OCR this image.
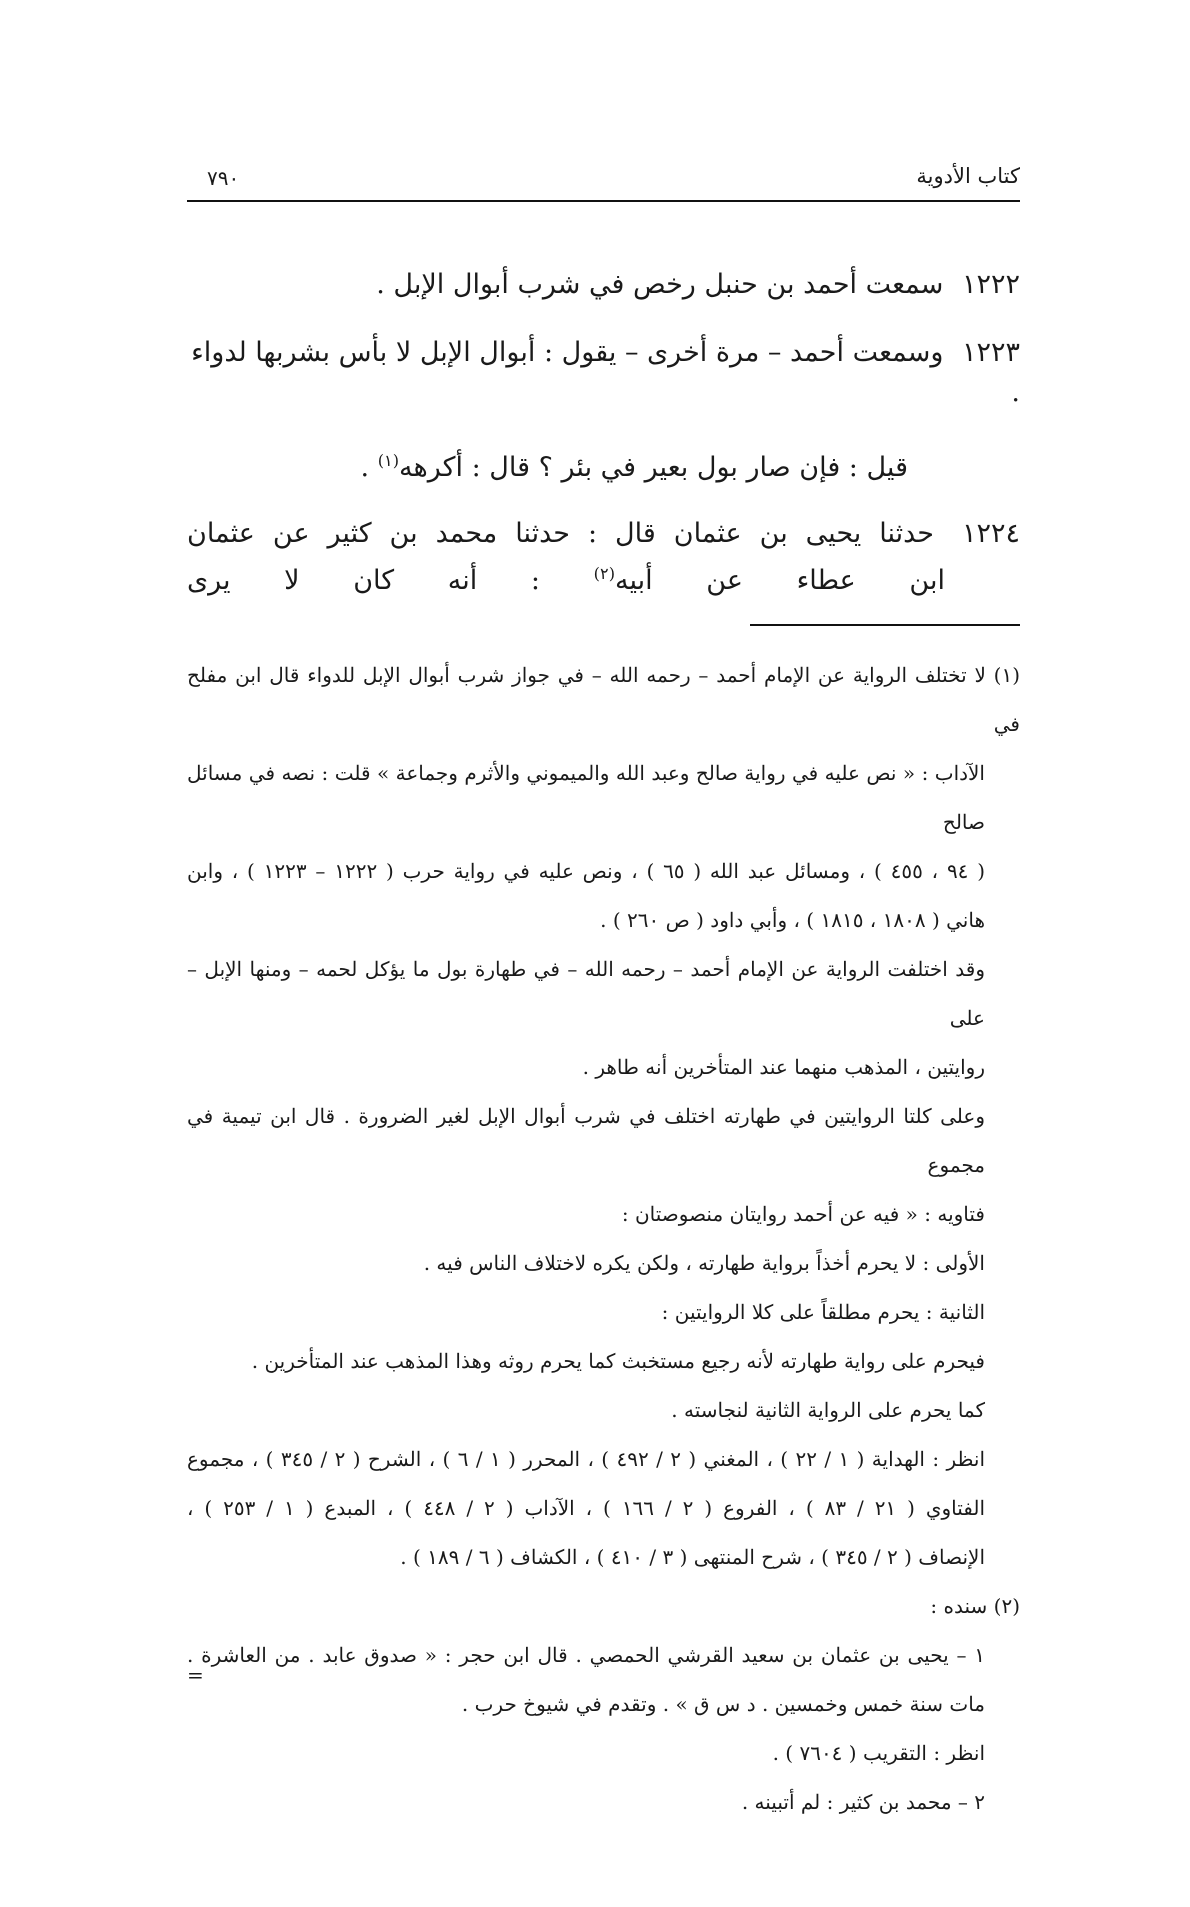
كتاب الأدوية
٧٩٠
١٢٢٢ سمعت أحمد بن حنبل رخص في شرب أبوال الإبل .
١٢٢٣ وسمعت أحمد – مرة أخرى – يقول : أبوال الإبل لا بأس بشربها لدواء .
قيل : فإن صار بول بعير في بئر ؟ قال : أكرهه$^{(١)}$ .
١٢٢٤ حدثنا يحيى بن عثمان قال : حدثنا محمد بن كثير عن عثمان
ابن عطاء عن أبيه$^{(٢)}$ : أنه كان لا يرى
(١) لا تختلف الرواية عن الإمام أحمد – رحمه الله – في جواز شرب أبوال الإبل للدواء قال ابن مفلح في
الآداب : « نص عليه في رواية صالح وعبد الله والميموني والأثرم وجماعة » قلت : نصه في مسائل صالح
( ٩٤ ، ٤٥٥ ) ، ومسائل عبد الله ( ٦٥ ) ، ونص عليه في رواية حرب ( ١٢٢٢ – ١٢٢٣ ) ، وابن
هاني ( ١٨٠٨ ، ١٨١٥ ) ، وأبي داود ( ص ٢٦٠ ) .
وقد اختلفت الرواية عن الإمام أحمد – رحمه الله – في طهارة بول ما يؤكل لحمه – ومنها الإبل – على
روايتين ، المذهب منهما عند المتأخرين أنه طاهر .
وعلى كلتا الروايتين في طهارته اختلف في شرب أبوال الإبل لغير الضرورة . قال ابن تيمية في مجموع
فتاويه : « فيه عن أحمد روايتان منصوصتان :
الأولى : لا يحرم أخذاً برواية طهارته ، ولكن يكره لاختلاف الناس فيه .
الثانية : يحرم مطلقاً على كلا الروايتين :
فيحرم على رواية طهارته لأنه رجيع مستخبث كما يحرم روثه وهذا المذهب عند المتأخرين .
كما يحرم على الرواية الثانية لنجاسته .
انظر : الهداية ( ١ / ٢٢ ) ، المغني ( ٢ / ٤٩٢ ) ، المحرر ( ١ / ٦ ) ، الشرح ( ٢ / ٣٤٥ ) ، مجموع
الفتاوي ( ٢١ / ٨٣ ) ، الفروع ( ٢ / ١٦٦ ) ، الآداب ( ٢ / ٤٤٨ ) ، المبدع ( ١ / ٢٥٣ ) ،
الإنصاف ( ٢ / ٣٤٥ ) ، شرح المنتهى ( ٣ / ٤١٠ ) ، الكشاف ( ٦ / ١٨٩ ) .
(٢) سنده :
١ – يحيى بن عثمان بن سعيد القرشي الحمصي . قال ابن حجر : « صدوق عابد . من العاشرة .
مات سنة خمس وخمسين . د س ق » . وتقدم في شيوخ حرب .
انظر : التقريب ( ٧٦٠٤ ) .
٢ – محمد بن كثير : لم أتبينه .
=
